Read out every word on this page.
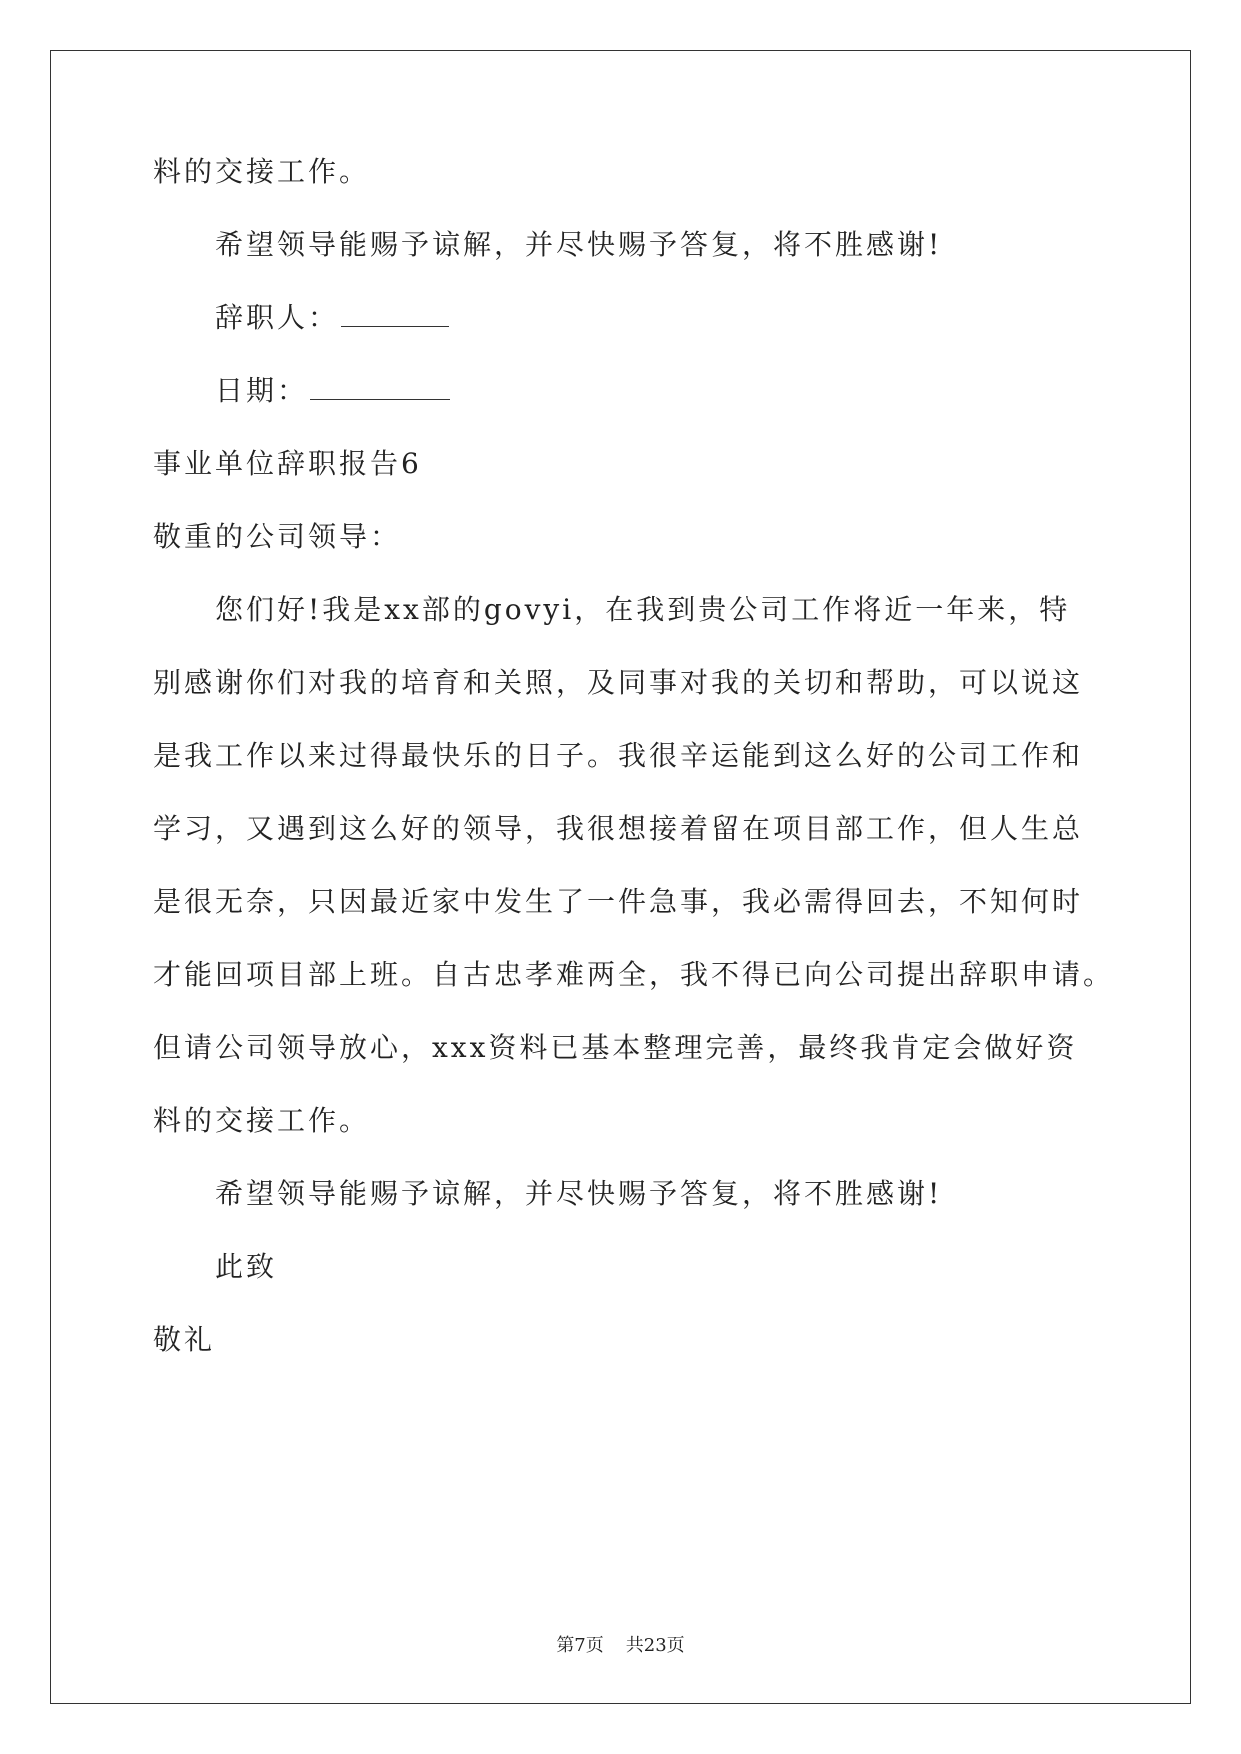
料的交接工作。
希望领导能赐予谅解，并尽快赐予答复，将不胜感谢!
辞职人：
日期：
事业单位辞职报告6
敬重的公司领导：
您们好!我是xx部的govyi，在我到贵公司工作将近一年来，特
别感谢你们对我的培育和关照，及同事对我的关切和帮助，可以说这
是我工作以来过得最快乐的日子。我很辛运能到这么好的公司工作和
学习，又遇到这么好的领导，我很想接着留在项目部工作，但人生总
是很无奈，只因最近家中发生了一件急事，我必需得回去，不知何时
才能回项目部上班。自古忠孝难两全，我不得已向公司提出辞职申请。
但请公司领导放心，xxx资料已基本整理完善，最终我肯定会做好资
料的交接工作。
希望领导能赐予谅解，并尽快赐予答复，将不胜感谢!
此致
敬礼
第7页 共23页
